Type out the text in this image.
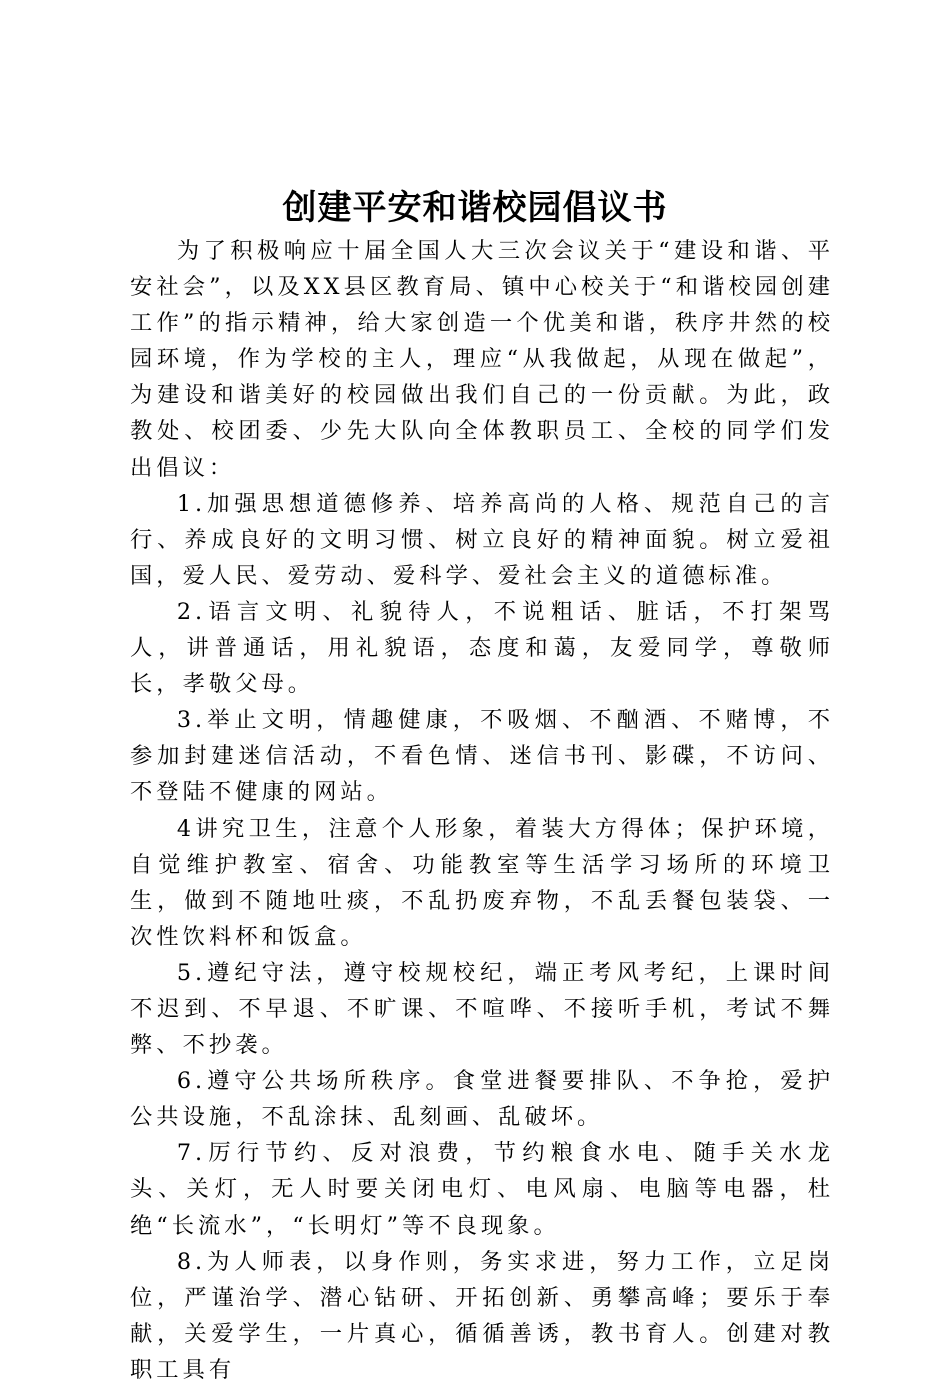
创建平安和谐校园倡议书

为了积极响应十届全国人大三次会议关于“建设和谐、平安社会”，以及XX县区教育局、镇中心校关于“和谐校园创建工作”的指示精神，给大家创造一个优美和谐，秩序井然的校园环境，作为学校的主人，理应“从我做起，从现在做起”，为建设和谐美好的校园做出我们自己的一份贡献。为此，政教处、校团委、少先大队向全体教职员工、全校的同学们发出倡议：

1.加强思想道德修养、培养高尚的人格、规范自己的言行、养成良好的文明习惯、树立良好的精神面貌。树立爱祖国，爱人民、爱劳动、爱科学、爱社会主义的道德标准。

2.语言文明、礼貌待人，不说粗话、脏话，不打架骂人，讲普通话，用礼貌语，态度和蔼，友爱同学，尊敬师长，孝敬父母。

3.举止文明，情趣健康，不吸烟、不酗酒、不赌博，不参加封建迷信活动，不看色情、迷信书刊、影碟，不访问、不登陆不健康的网站。

4讲究卫生，注意个人形象，着装大方得体；保护环境，自觉维护教室、宿舍、功能教室等生活学习场所的环境卫生，做到不随地吐痰，不乱扔废弃物，不乱丢餐包装袋、一次性饮料杯和饭盒。

5.遵纪守法，遵守校规校纪，端正考风考纪，上课时间不迟到、不早退、不旷课、不喧哗、不接听手机，考试不舞弊、不抄袭。

6.遵守公共场所秩序。食堂进餐要排队、不争抢，爱护公共设施，不乱涂抹、乱刻画、乱破坏。

7.厉行节约、反对浪费，节约粮食水电、随手关水龙头、关灯，无人时要关闭电灯、电风扇、电脑等电器，杜绝“长流水”，“长明灯”等不良现象。

8.为人师表，以身作则，务实求进，努力工作，立足岗位，严谨治学、潜心钻研、开拓创新、勇攀高峰；要乐于奉献，关爱学生，一片真心，循循善诱，教书育人。创建对教职工具有
